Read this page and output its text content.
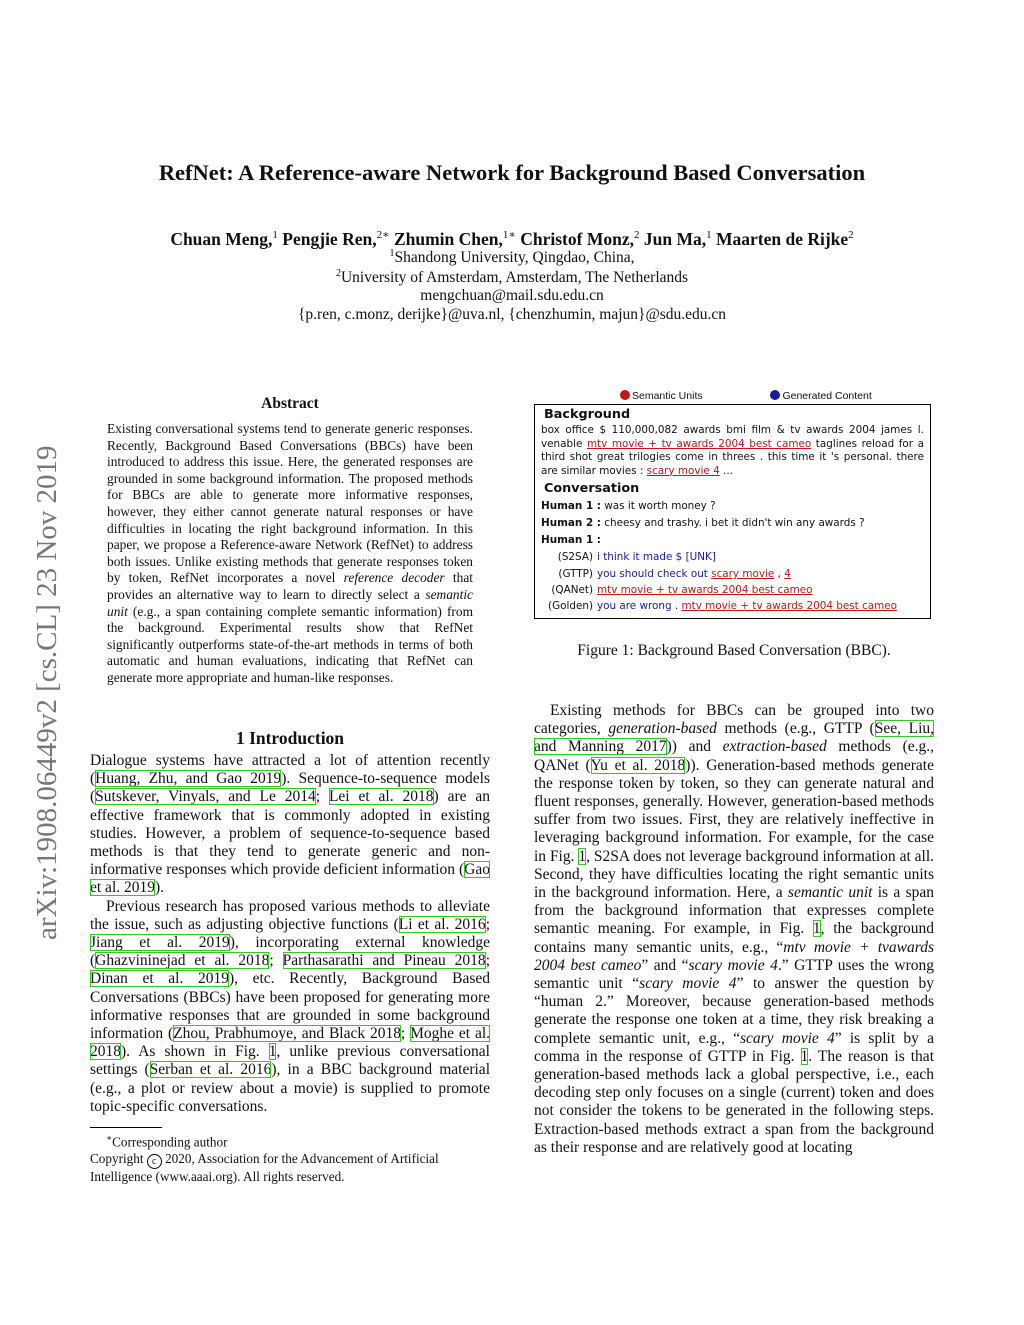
arXiv:1908.06449v2 [cs.CL] 23 Nov 2019
RefNet: A Reference-aware Network for Background Based Conversation
Chuan Meng,$^1$ Pengjie Ren,$^{2∗}$ Zhumin Chen,$^{1∗}$ Christof Monz,$^2$ Jun Ma,$^1$ Maarten de Rijke$^2$
$^1$Shandong University, Qingdao, China,
$^2$University of Amsterdam, Amsterdam, The Netherlands
mengchuan@mail.sdu.edu.cn
{p.ren, c.monz, derijke}@uva.nl, {chenzhumin, majun}@sdu.edu.cn
Abstract
Existing conversational systems tend to generate generic responses. Recently, Background Based Conversations (BBCs) have been introduced to address this issue. Here, the generated responses are grounded in some background information. The proposed methods for BBCs are able to generate more informative responses, however, they either cannot generate natural responses or have difficulties in locating the right background information. In this paper, we propose a Reference-aware Network (RefNet) to address both issues. Unlike existing methods that generate responses token by token, RefNet incorporates a novel reference decoder that provides an alternative way to learn to directly select a semantic unit (e.g., a span containing complete semantic information) from the background. Experimental results show that RefNet significantly outperforms state-of-the-art methods in terms of both automatic and human evaluations, indicating that RefNet can generate more appropriate and human-like responses.
1 Introduction

Dialogue systems have attracted a lot of attention recently (Huang, Zhu, and Gao 2019). Sequence-to-sequence models (Sutskever, Vinyals, and Le 2014; Lei et al. 2018) are an effective framework that is commonly adopted in existing studies. However, a problem of sequence-to-sequence based methods is that they tend to generate generic and non-informative responses which provide deficient information (Gao et al. 2019).

Previous research has proposed various methods to alleviate the issue, such as adjusting objective functions (Li et al. 2016; Jiang et al. 2019), incorporating external knowledge (Ghazvininejad et al. 2018; Parthasarathi and Pineau 2018; Dinan et al. 2019), etc. Recently, Background Based Conversations (BBCs) have been proposed for generating more informative responses that are grounded in some background information (Zhou, Prabhumoye, and Black 2018; Moghe et al. 2018). As shown in Fig. 1, unlike previous conversational settings (Serban et al. 2016), in a BBC background material (e.g., a plot or review about a movie) is supplied to promote topic-specific conversations.

∗Corresponding author
Copyright c 2020, Association for the Advancement of Artificial Intelligence (www.aaai.org). All rights reserved.
Semantic Units	Generated Content
Background
box office $ 110,000,082 awards bmi film & tv awards 2004 james l. venable mtv movie + tv awards 2004 best cameo taglines reload for a third shot great trilogies come in threes . this time it 's personal. there are similar movies : scary movie 4 ...
Conversation
Human 1 : was it worth money ?
Human 2 : cheesy and trashy. i bet it didn't win any awards ?
Human 1 :
(S2SA) i think it made $ [UNK]
(GTTP) you should check out scary movie , 4
(QANet) mtv movie + tv awards 2004 best cameo
(Golden) you are wrong . mtv movie + tv awards 2004 best cameo
Figure 1: Background Based Conversation (BBC).

Existing methods for BBCs can be grouped into two categories, generation-based methods (e.g., GTTP (See, Liu, and Manning 2017)) and extraction-based methods (e.g., QANet (Yu et al. 2018)). Generation-based methods generate the response token by token, so they can generate natural and fluent responses, generally. However, generation-based methods suffer from two issues. First, they are relatively ineffective in leveraging background information. For example, for the case in Fig. 1, S2SA does not leverage background information at all. Second, they have difficulties locating the right semantic units in the background information. Here, a semantic unit is a span from the background information that expresses complete semantic meaning. For example, in Fig. 1, the background contains many semantic units, e.g., “mtv movie + tvawards 2004 best cameo” and “scary movie 4.” GTTP uses the wrong semantic unit “scary movie 4” to answer the question by “human 2.” Moreover, because generation-based methods generate the response one token at a time, they risk breaking a complete semantic unit, e.g., “scary movie 4” is split by a comma in the response of GTTP in Fig. 1. The reason is that generation-based methods lack a global perspective, i.e., each decoding step only focuses on a single (current) token and does not consider the tokens to be generated in the following steps. Extraction-based methods extract a span from the background as their response and are relatively good at locating
